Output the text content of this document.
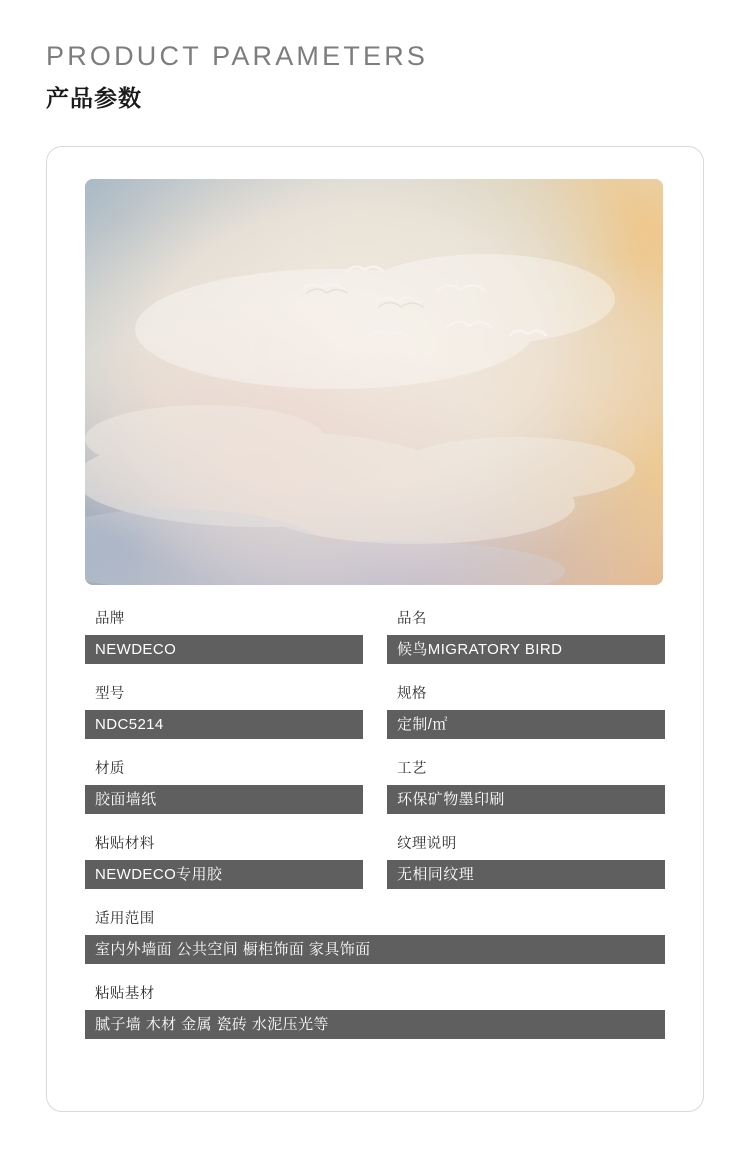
PRODUCT PARAMETERS
产品参数
品牌
NEWDECO
品名
候鸟MIGRATORY BIRD
型号
NDC5214
规格
定制/㎡
材质
胶面墙纸
工艺
环保矿物墨印刷
粘贴材料
NEWDECO专用胶
纹理说明
无相同纹理
适用范围
室内外墙面 公共空间 橱柜饰面 家具饰面
粘贴基材
腻子墙 木材 金属 瓷砖 水泥压光等
